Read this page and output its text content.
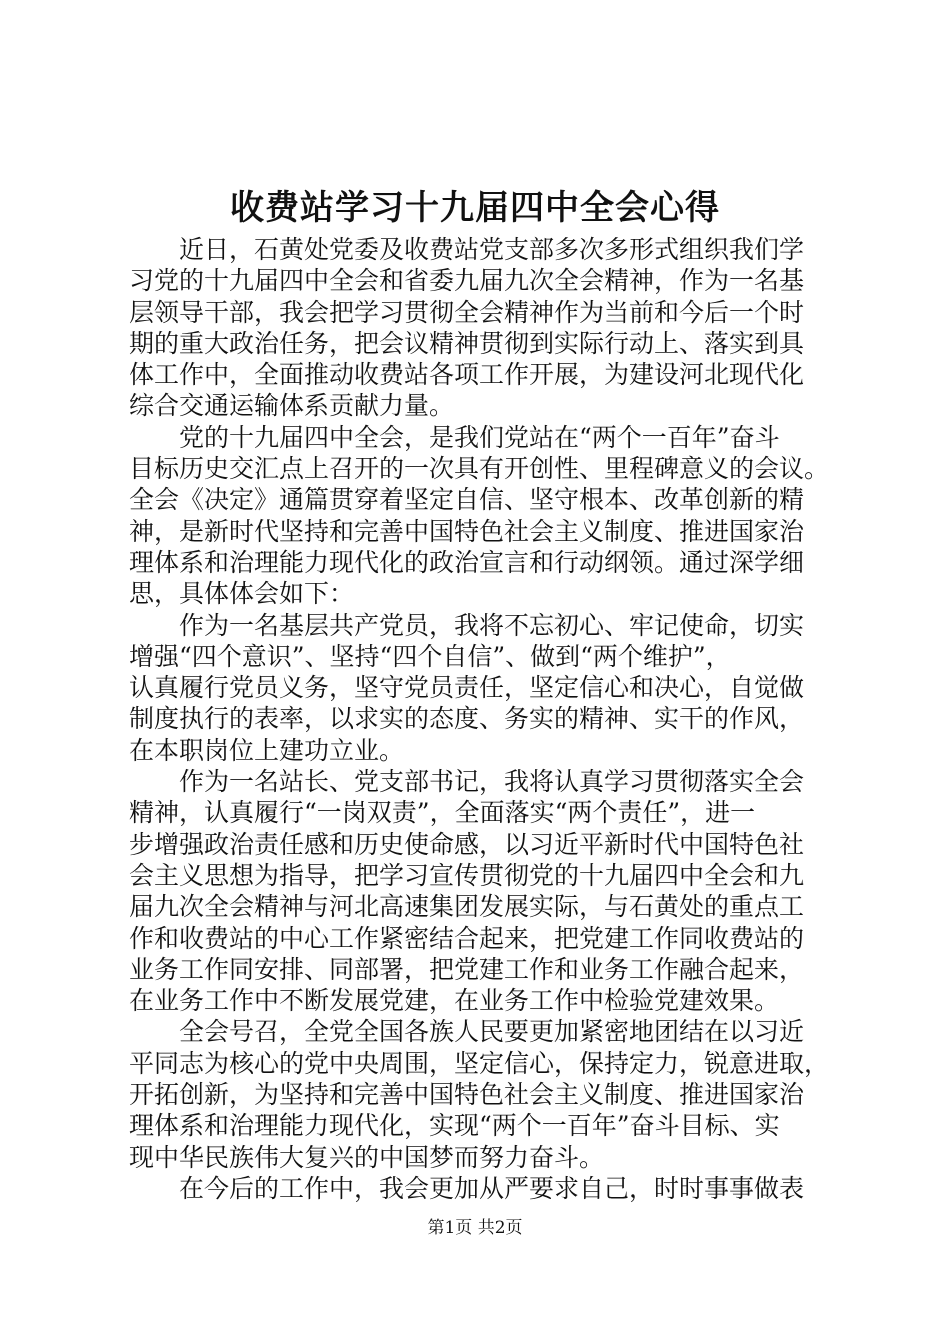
收费站学习十九届四中全会心得
近日，石黄处党委及收费站党支部多次多形式组织我们学
习党的十九届四中全会和省委九届九次全会精神，作为一名基
层领导干部，我会把学习贯彻全会精神作为当前和今后一个时
期的重大政治任务，把会议精神贯彻到实际行动上、落实到具
体工作中，全面推动收费站各项工作开展，为建设河北现代化
综合交通运输体系贡献力量。
党的十九届四中全会，是我们党站在“两个一百年”奋斗
目标历史交汇点上召开的一次具有开创性、里程碑意义的会议。
全会《决定》通篇贯穿着坚定自信、坚守根本、改革创新的精
神，是新时代坚持和完善中国特色社会主义制度、推进国家治
理体系和治理能力现代化的政治宣言和行动纲领。通过深学细
思，具体体会如下：
作为一名基层共产党员，我将不忘初心、牢记使命，切实
增强“四个意识”、坚持“四个自信”、做到“两个维护”，
认真履行党员义务，坚守党员责任，坚定信心和决心，自觉做
制度执行的表率，以求实的态度、务实的精神、实干的作风，
在本职岗位上建功立业。
作为一名站长、党支部书记，我将认真学习贯彻落实全会
精神，认真履行“一岗双责”，全面落实“两个责任”，进一
步增强政治责任感和历史使命感，以习近平新时代中国特色社
会主义思想为指导，把学习宣传贯彻党的十九届四中全会和九
届九次全会精神与河北高速集团发展实际，与石黄处的重点工
作和收费站的中心工作紧密结合起来，把党建工作同收费站的
业务工作同安排、同部署，把党建工作和业务工作融合起来，
在业务工作中不断发展党建，在业务工作中检验党建效果。
全会号召，全党全国各族人民要更加紧密地团结在以习近
平同志为核心的党中央周围，坚定信心，保持定力，锐意进取，
开拓创新，为坚持和完善中国特色社会主义制度、推进国家治
理体系和治理能力现代化，实现“两个一百年”奋斗目标、实
现中华民族伟大复兴的中国梦而努力奋斗。
在今后的工作中，我会更加从严要求自己，时时事事做表
第1页 共2页
